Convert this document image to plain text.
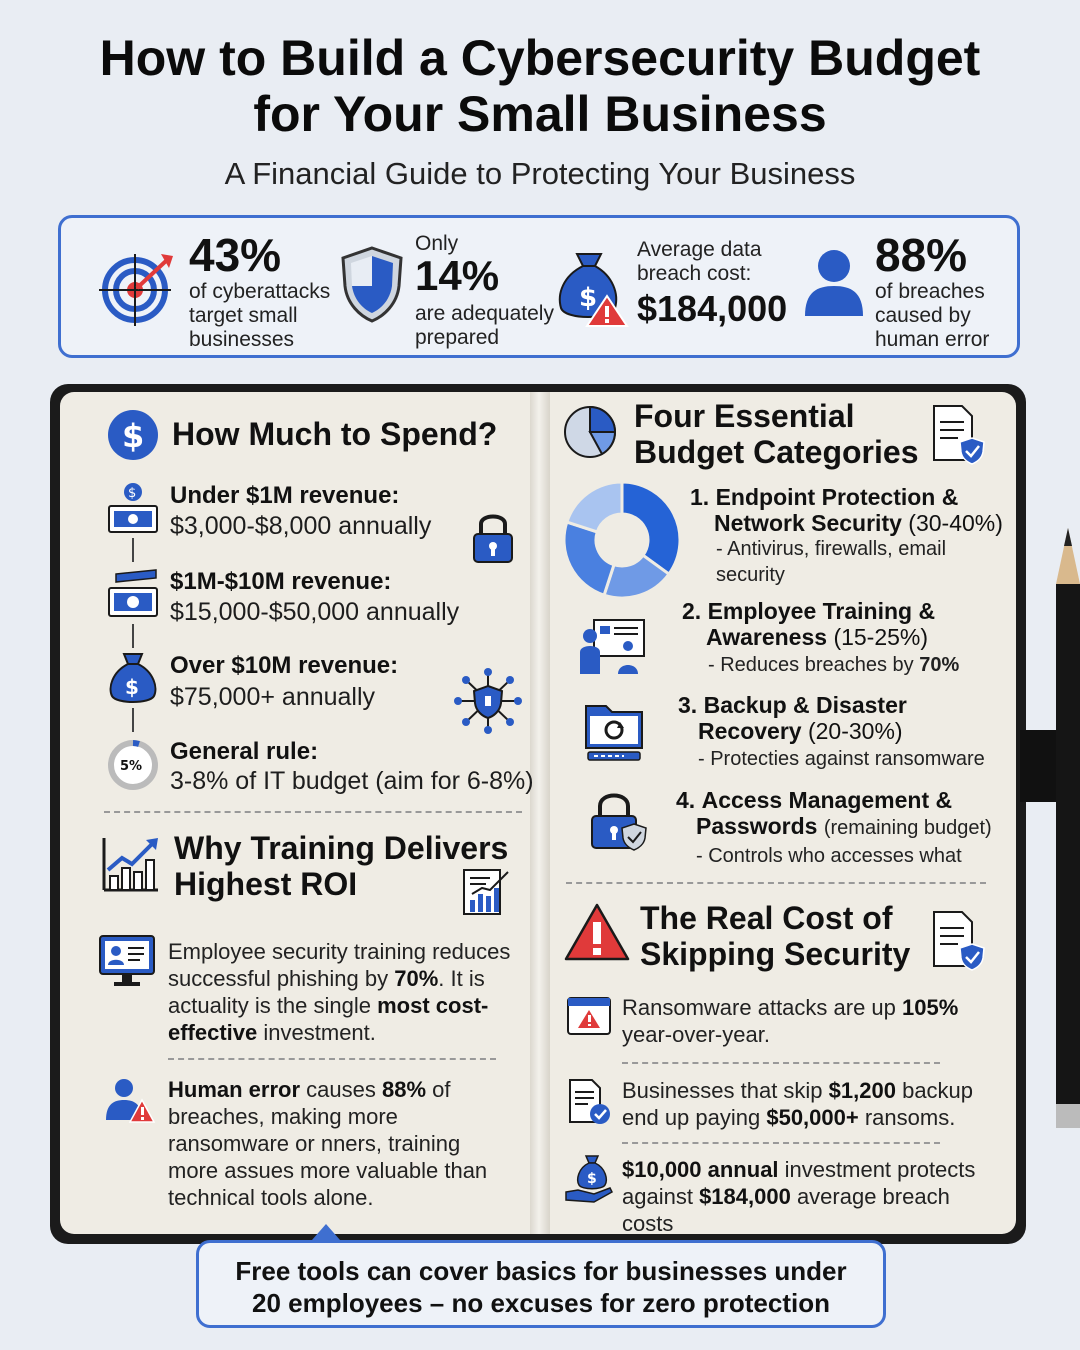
How to Build a Cybersecurity Budget
for Your Small Business
A Financial Guide to Protecting Your Business
43%
of cyberattacks
target small
businesses
Only
14%
are adequately
prepared
$
Average data
breach cost:
$184,000
88%
of breaches
caused by
human error
$ How Much to Spend?
$ Under $1M revenue:
$3,000-$8,000 annually
$1M-$10M revenue:
$15,000-$50,000 annually
$
Over $10M revenue:
$75,000+ annually
5%
General rule:
3-8% of IT budget (aim for 6-8%)
Why Training Delivers
Highest ROI
Employee security training reduces successful phishing by 70%. It is actuality is the single most cost-effective investment.
Human error causes 88% of breaches, making more ransomware or nners, training more assues more valuable than technical tools alone.
Four Essential
Budget Categories
1. Endpoint Protection &
Network Security (30-40%)

- Antivirus, firewalls, email security
2. Employee Training &
Awareness (15-25%)
- Reduces breaches by 70%
3. Backup & Disaster
Recovery (20-30%)
- Protecties against ransomware
4. Access Management &
Passwords (remaining budget)
- Controls who accesses what
The Real Cost of
Skipping Security
Ransomware attacks are up 105% year-over-year.
Businesses that skip $1,200 backup end up paying $50,000+ ransoms.
$ $10,000 annual investment protects against $184,000 average breach costs
Free tools can cover basics for businesses under
20 employees – no excuses for zero protection
